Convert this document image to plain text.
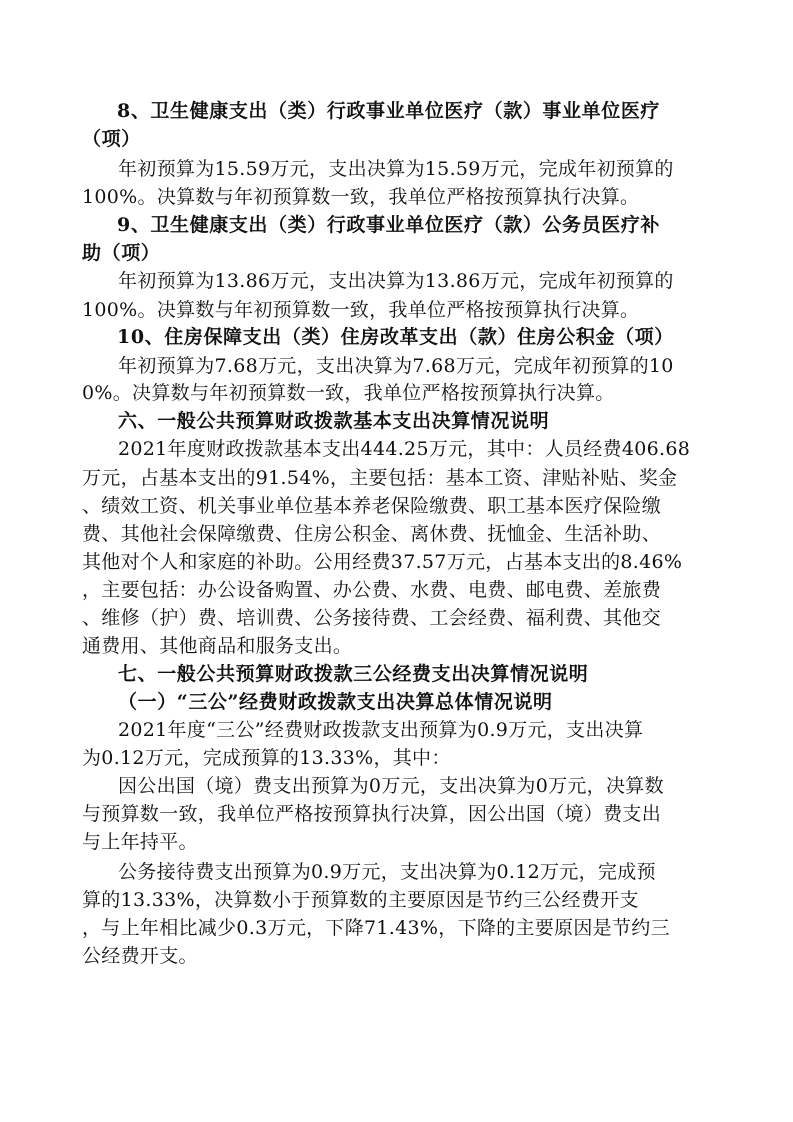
8、卫生健康支出（类）行政事业单位医疗（款）事业单位医疗
（项）
年初预算为15.59万元，支出决算为15.59万元，完成年初预算的
100%。决算数与年初预算数一致，我单位严格按预算执行决算。
9、卫生健康支出（类）行政事业单位医疗（款）公务员医疗补
助（项）
年初预算为13.86万元，支出决算为13.86万元，完成年初预算的
100%。决算数与年初预算数一致，我单位严格按预算执行决算。
10、住房保障支出（类）住房改革支出（款）住房公积金（项）
年初预算为7.68万元，支出决算为7.68万元，完成年初预算的10
0%。决算数与年初预算数一致，我单位严格按预算执行决算。
六、一般公共预算财政拨款基本支出决算情况说明
2021年度财政拨款基本支出444.25万元，其中：人员经费406.68
万元，占基本支出的91.54%，主要包括：基本工资、津贴补贴、奖金
、绩效工资、机关事业单位基本养老保险缴费、职工基本医疗保险缴
费、其他社会保障缴费、住房公积金、离休费、抚恤金、生活补助、
其他对个人和家庭的补助。公用经费37.57万元，占基本支出的8.46%
，主要包括：办公设备购置、办公费、水费、电费、邮电费、差旅费
、维修（护）费、培训费、公务接待费、工会经费、福利费、其他交
通费用、其他商品和服务支出。
七、一般公共预算财政拨款三公经费支出决算情况说明
（一）“三公”经费财政拨款支出决算总体情况说明
2021年度“三公”经费财政拨款支出预算为0.9万元，支出决算
为0.12万元，完成预算的13.33%，其中：
因公出国（境）费支出预算为0万元，支出决算为0万元，决算数
与预算数一致，我单位严格按预算执行决算，因公出国（境）费支出
与上年持平。
公务接待费支出预算为0.9万元，支出决算为0.12万元，完成预
算的13.33%，决算数小于预算数的主要原因是节约三公经费开支
，与上年相比减少0.3万元，下降71.43%，下降的主要原因是节约三
公经费开支。
